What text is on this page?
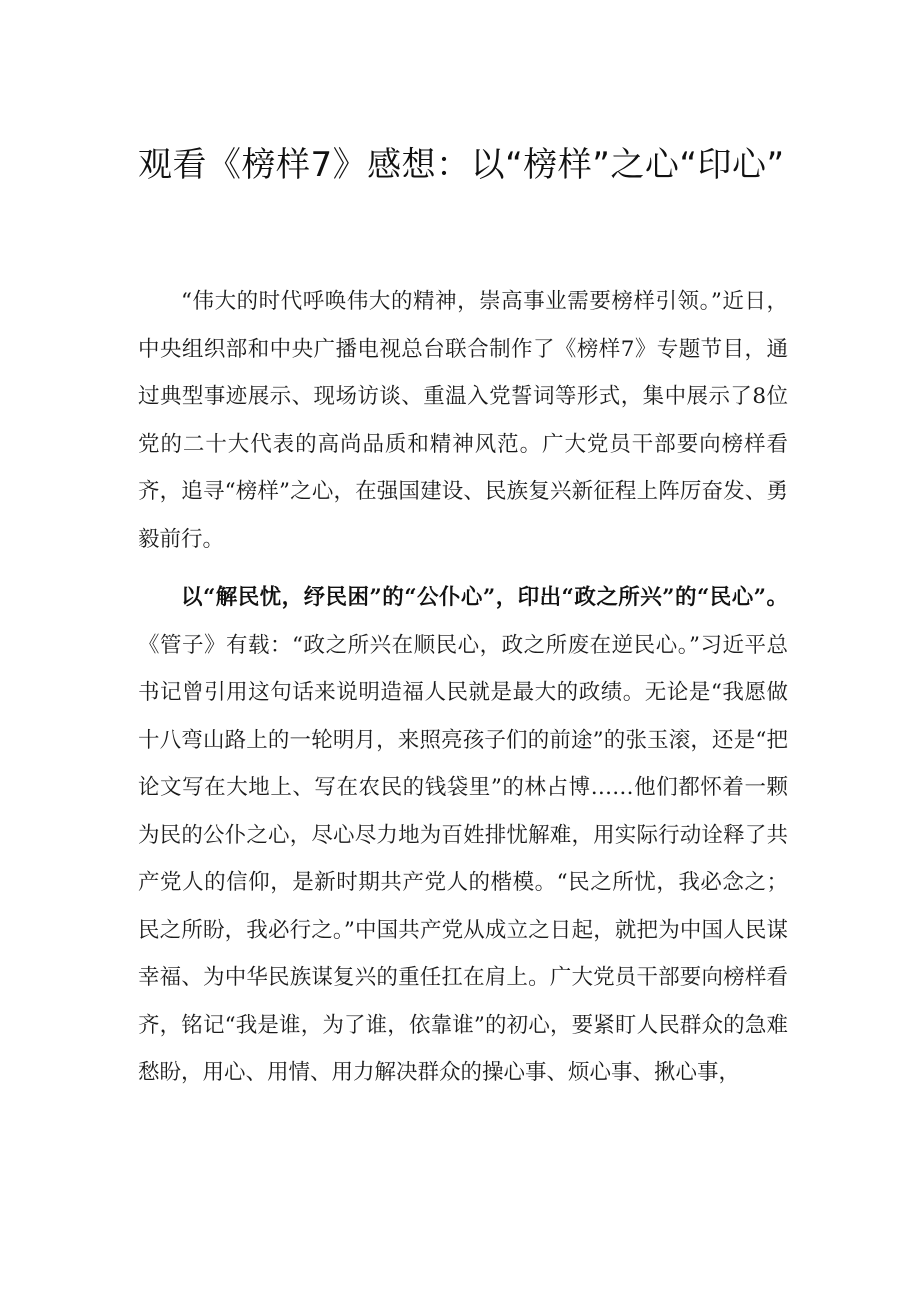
观看《榜样7》感想：以“榜样”之心“印心”

“伟大的时代呼唤伟大的精神，崇高事业需要榜样引领。”近日，中央组织部和中央广播电视总台联合制作了《榜样7》专题节目，通过典型事迹展示、现场访谈、重温入党誓词等形式，集中展示了8位党的二十大代表的高尚品质和精神风范。广大党员干部要向榜样看齐，追寻“榜样”之心，在强国建设、民族复兴新征程上阵厉奋发、勇毅前行。

以“解民忧，纾民困”的“公仆心”，印出“政之所兴”的“民心”。《管子》有载：“政之所兴在顺民心，政之所废在逆民心。”习近平总书记曾引用这句话来说明造福人民就是最大的政绩。无论是“我愿做十八弯山路上的一轮明月，来照亮孩子们的前途”的张玉滚，还是“把论文写在大地上、写在农民的钱袋里”的林占博……他们都怀着一颗为民的公仆之心，尽心尽力地为百姓排忧解难，用实际行动诠释了共产党人的信仰，是新时期共产党人的楷模。“民之所忧，我必念之；民之所盼，我必行之。”中国共产党从成立之日起，就把为中国人民谋幸福、为中华民族谋复兴的重任扛在肩上。广大党员干部要向榜样看齐，铭记“我是谁，为了谁，依靠谁”的初心，要紧盯人民群众的急难愁盼，用心、用情、用力解决群众的操心事、烦心事、揪心事，
